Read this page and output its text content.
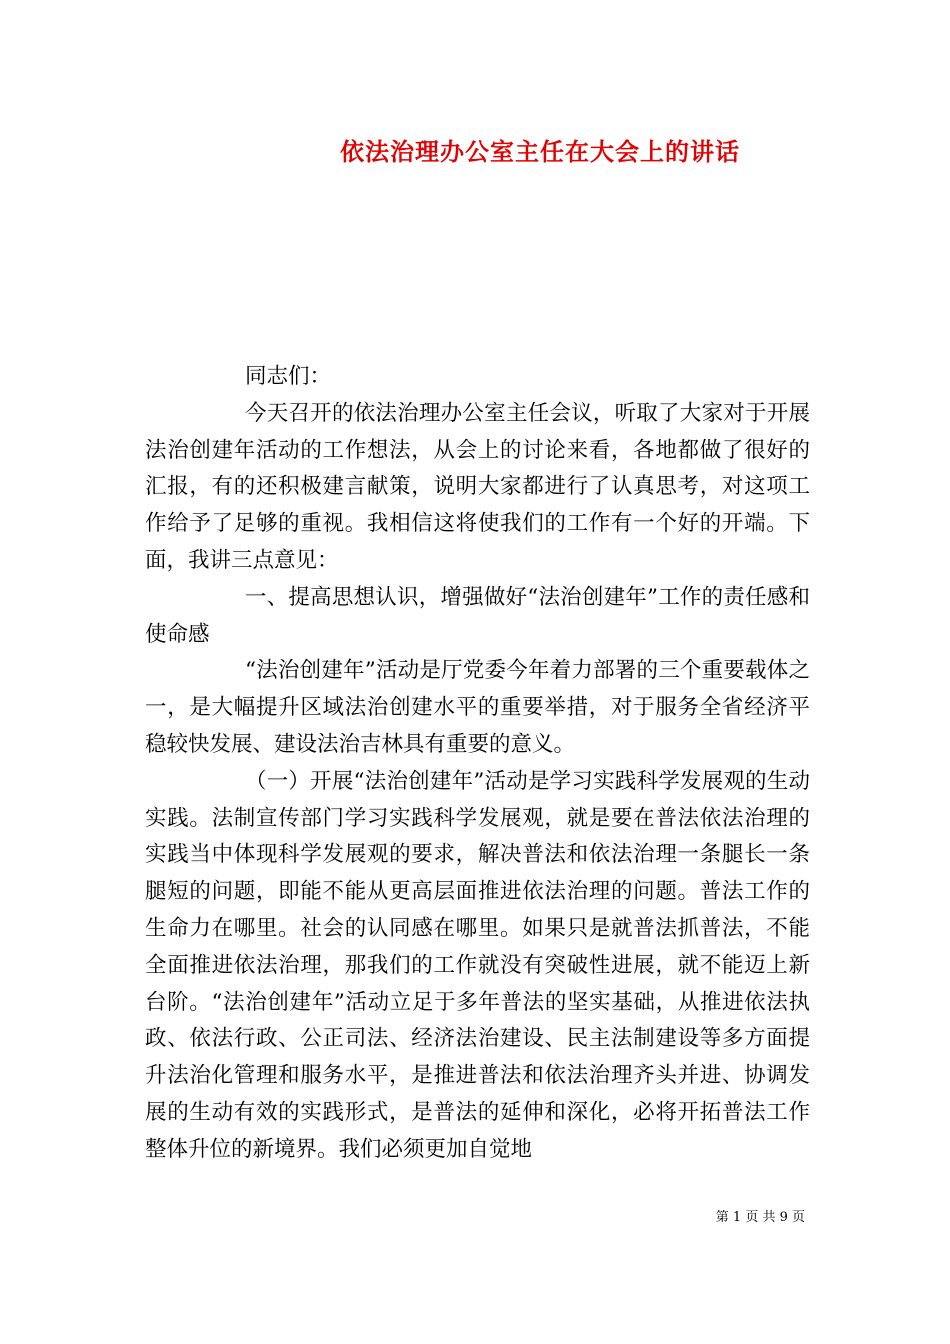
依法治理办公室主任在大会上的讲话

同志们：

今天召开的依法治理办公室主任会议，听取了大家对于开展法治创建年活动的工作想法，从会上的讨论来看，各地都做了很好的汇报，有的还积极建言献策，说明大家都进行了认真思考，对这项工作给予了足够的重视。我相信这将使我们的工作有一个好的开端。下面，我讲三点意见：

一、提高思想认识，增强做好“法治创建年”工作的责任感和使命感

“法治创建年”活动是厅党委今年着力部署的三个重要载体之一，是大幅提升区域法治创建水平的重要举措，对于服务全省经济平稳较快发展、建设法治吉林具有重要的意义。

（一）开展“法治创建年”活动是学习实践科学发展观的生动实践。法制宣传部门学习实践科学发展观，就是要在普法依法治理的实践当中体现科学发展观的要求，解决普法和依法治理一条腿长一条腿短的问题，即能不能从更高层面推进依法治理的问题。普法工作的生命力在哪里。社会的认同感在哪里。如果只是就普法抓普法，不能全面推进依法治理，那我们的工作就没有突破性进展，就不能迈上新台阶。“法治创建年”活动立足于多年普法的坚实基础，从推进依法执政、依法行政、公正司法、经济法治建设、民主法制建设等多方面提升法治化管理和服务水平，是推进普法和依法治理齐头并进、协调发展的生动有效的实践形式，是普法的延伸和深化，必将开拓普法工作整体升位的新境界。我们必须更加自觉地

第 1 页 共 9 页
